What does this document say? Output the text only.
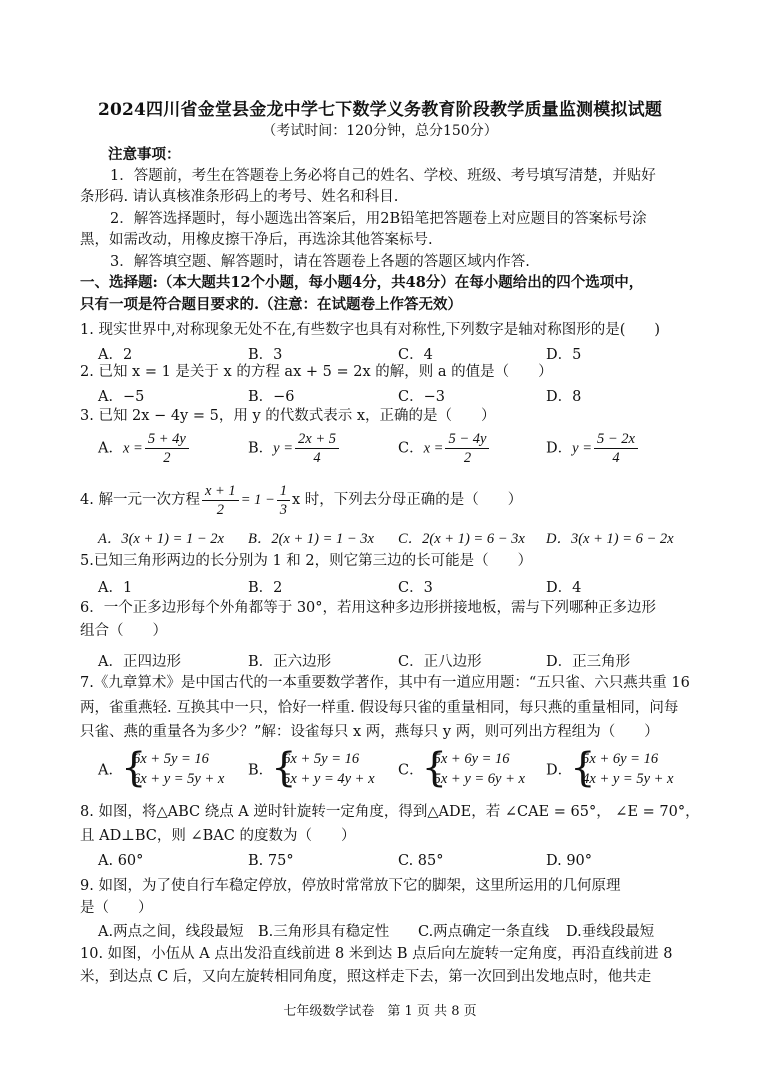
2024四川省金堂县金龙中学七下数学义务教育阶段教学质量监测模拟试题
（考试时间：120分钟，总分150分）
注意事项：
1．答题前，考生在答题卷上务必将自己的姓名、学校、班级、考号填写清楚，并贴好
条形码. 请认真核准条形码上的考号、姓名和科目.
2．解答选择题时，每小题选出答案后，用2B铅笔把答题卷上对应题目的答案标号涂
黑，如需改动，用橡皮擦干净后，再选涂其他答案标号.
3．解答填空题、解答题时，请在答题卷上各题的答题区域内作答.
一、选择题:（本大题共12个小题，每小题4分，共48分）在每小题给出的四个选项中，
只有一项是符合题目要求的.（注意：在试题卷上作答无效）
1. 现实世界中,对称现象无处不在,有些数字也具有对称性,下列数字是轴对称图形的是(　　)
A．2	B．3	C．4	D．5
2. 已知 x = 1 是关于 x 的方程 ax + 5 = 2x 的解，则 a 的值是（　　）
A．−5	B．−6	C．−3	D．8
3. 已知 2x − 4y = 5，用 y 的代数式表示 x，正确的是（　　）
A．$x = \frac{5 + 4y}{2}$	B．$y = \frac{2x + 5}{4}$	C．$x = \frac{5 - 4y}{2}$	D．$y = \frac{5 - 2x}{4}$
4. 解一元一次方程 $\frac{x + 1}{2} = 1 - \frac{1}{3}$ x 时，下列去分母正确的是（　　）
A．3(x + 1) = 1 − 2x B．2(x + 1) = 1 − 3x C．2(x + 1) = 6 − 3x D．3(x + 1) = 6 − 2x
5.已知三角形两边的长分别为 1 和 2，则它第三边的长可能是（　　）
A．1	B．2	C．3	D．4
6．一个正多边形每个外角都等于 30°，若用这种多边形拼接地板，需与下列哪种正多边形
组合（　　）
A．正四边形	B．正六边形	C．正八边形	D．正三角形
7.《九章算术》是中国古代的一本重要数学著作，其中有一道应用题：“五只雀、六只燕共重 16
两，雀重燕轻. 互换其中一只，恰好一样重. 假设每只雀的重量相同，每只燕的重量相同，问每
只雀、燕的重量各为多少？”解：设雀每只 x 两，燕每只 y 两，则可列出方程组为（　　）
A．
{ 6x + 5y = 16
6x + y = 5y + x
B．
{ 6x + 5y = 16
5x + y = 4y + x
C．
{ 5x + 6y = 16
5x + y = 6y + x
D．
{ 5x + 6y = 16
4x + y = 5y + x
8. 如图，将△ABC 绕点 A 逆时针旋转一定角度，得到△ADE，若 ∠CAE = 65°， ∠E = 70°，
且 AD⊥BC，则 ∠BAC 的度数为（　　）
A. 60°	B. 75°	C. 85°	D. 90°
9. 如图，为了使自行车稳定停放，停放时常常放下它的脚架，这里所运用的几何原理
是（　　）
A.两点之间，线段最短 B.三角形具有稳定性 C.两点确定一条直线 D.垂线段最短
10. 如图，小伍从 A 点出发沿直线前进 8 米到达 B 点后向左旋转一定角度，再沿直线前进 8
米，到达点 C 后，又向左旋转相同角度，照这样走下去，第一次回到出发地点时，他共走
七年级数学试卷　第 1 页 共 8 页
